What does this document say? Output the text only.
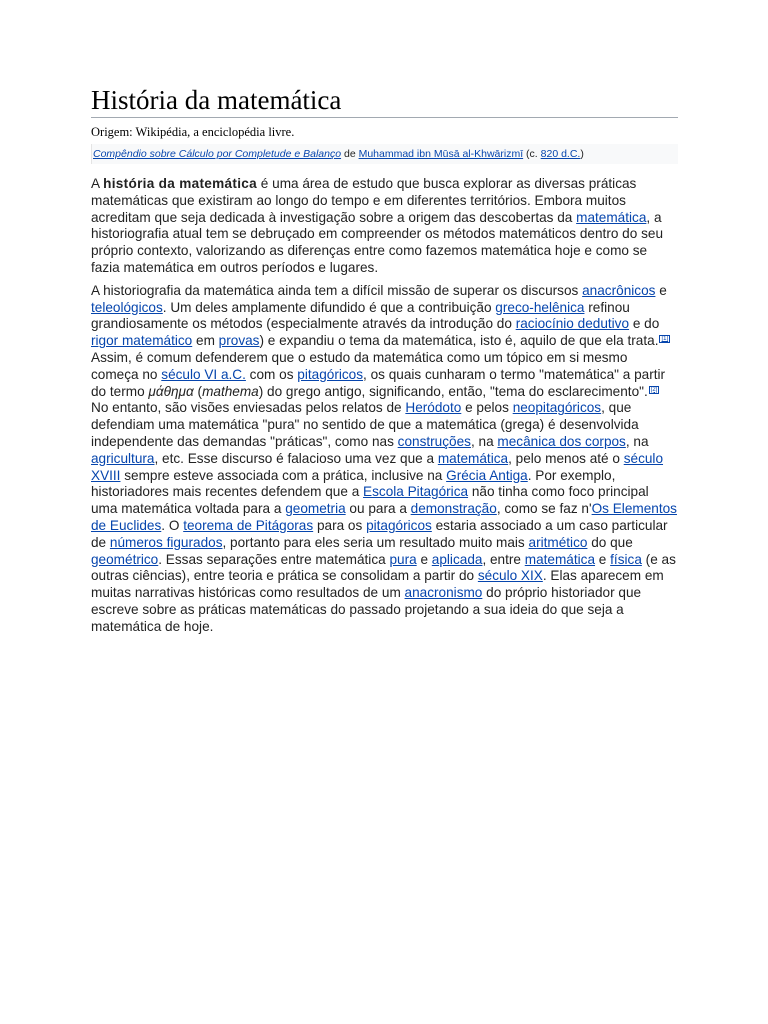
História da matemática
Origem: Wikipédia, a enciclopédia livre.
Compêndio sobre Cálculo por Completude e Balanço de Muhammad ibn Mūsā al-Khwārizmī (c. 820 d.C.)

A história da matemática é uma área de estudo que busca explorar as diversas práticas matemáticas que existiram ao longo do tempo e em diferentes territórios. Embora muitos acreditam que seja dedicada à investigação sobre a origem das descobertas da matemática, a historiografia atual tem se debruçado em compreender os métodos matemáticos dentro do seu próprio contexto, valorizando as diferenças entre como fazemos matemática hoje e como se fazia matemática em outros períodos e lugares.

A historiografia da matemática ainda tem a difícil missão de superar os discursos anacrônicos e teleológicos. Um deles amplamente difundido é que a contribuição greco-helênica refinou grandiosamente os métodos (especialmente através da introdução do raciocínio dedutivo e do rigor matemático em provas) e expandiu o tema da matemática, isto é, aquilo de que ela trata. [1] Assim, é comum defenderem que o estudo da matemática como um tópico em si mesmo começa no século VI a.C. com os pitagóricos, os quais cunharam o termo "matemática" a partir do termo μάθημα (mathema) do grego antigo, significando, então, "tema do esclarecimento". [2] No entanto, são visões enviesadas pelos relatos de Heródoto e pelos neopitagóricos, que defendiam uma matemática "pura" no sentido de que a matemática (grega) é desenvolvida independente das demandas "práticas", como nas construções, na mecânica dos corpos, na agricultura, etc. Esse discurso é falacioso uma vez que a matemática, pelo menos até o século XVIII sempre esteve associada com a prática, inclusive na Grécia Antiga. Por exemplo, historiadores mais recentes defendem que a Escola Pitagórica não tinha como foco principal uma matemática voltada para a geometria ou para a demonstração, como se faz n'Os Elementos de Euclides. O teorema de Pitágoras para os pitagóricos estaria associado a um caso particular de números figurados, portanto para eles seria um resultado muito mais aritmético do que geométrico. Essas separações entre matemática pura e aplicada, entre matemática e física (e as outras ciências), entre teoria e prática se consolidam a partir do século XIX. Elas aparecem em muitas narrativas históricas como resultados de um anacronismo do próprio historiador que escreve sobre as práticas matemáticas do passado projetando a sua ideia do que seja a matemática de hoje.
